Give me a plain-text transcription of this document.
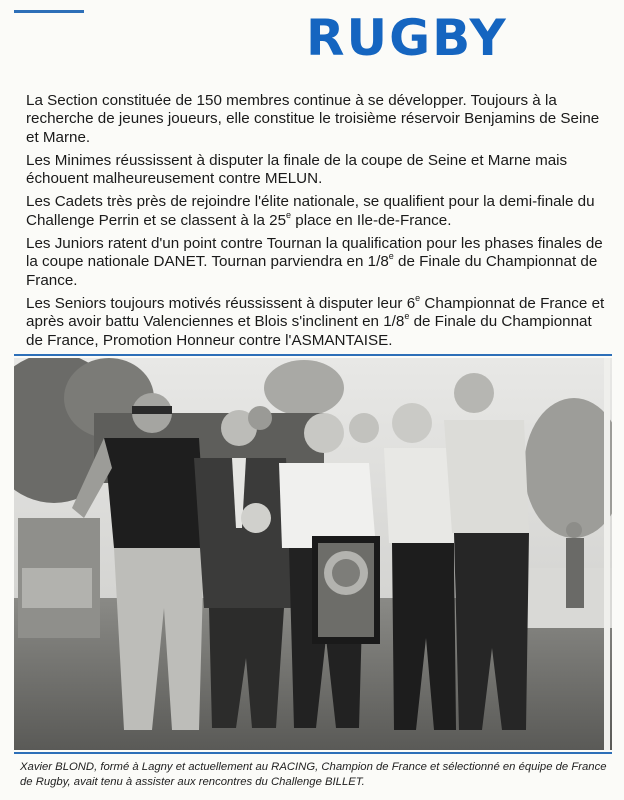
RUGBY

La Section constituée de 150 membres continue à se développer. Toujours à la recherche de jeunes joueurs, elle constitue le troisième réservoir Benjamins de Seine et Marne.

Les Minimes réussissent à disputer la finale de la coupe de Seine et Marne mais échouent malheureusement contre MELUN.

Les Cadets très près de rejoindre l'élite nationale, se qualifient pour la demi-finale du Challenge Perrin et se classent à la 25e place en Ile-de-France.

Les Juniors ratent d'un point contre Tournan la qualification pour les phases finales de la coupe nationale DANET. Tournan parviendra en 1/8e de Finale du Championnat de France.

Les Seniors toujours motivés réussissent à disputer leur 6e Championnat de France et après avoir battu Valenciennes et Blois s'inclinent en 1/8e de Finale du Championnat de France, Promotion Honneur contre l'ASMANTAISE.

Xavier BLOND, formé à Lagny et actuellement au RACING, Champion de France et sélectionné en équipe de France de Rugby, avait tenu à assister aux rencontres du Challenge BILLET.
